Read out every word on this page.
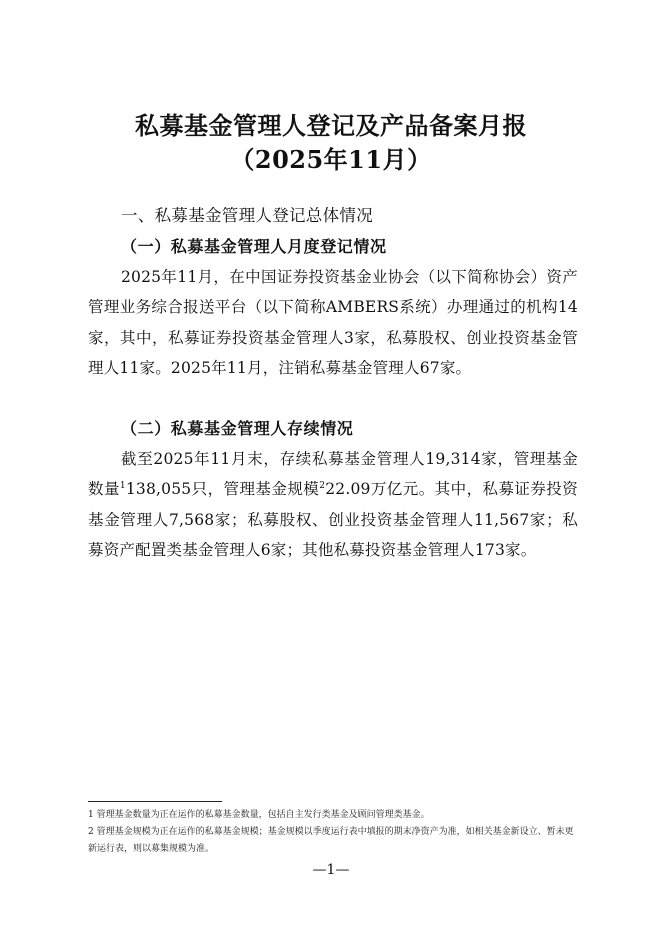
私募基金管理人登记及产品备案月报
（2025年11月）
一、私募基金管理人登记总体情况
（一）私募基金管理人月度登记情况
2025年11月，在中国证券投资基金业协会（以下简称协会）资产管理业务综合报送平台（以下简称AMBERS系统）办理通过的机构14家，其中，私募证券投资基金管理人3家，私募股权、创业投资基金管理人11家。2025年11月，注销私募基金管理人67家。
（二）私募基金管理人存续情况
截至2025年11月末，存续私募基金管理人19,314家，管理基金数量$^1$138,055只，管理基金规模$^2$22.09万亿元。其中，私募证券投资基金管理人7,568家；私募股权、创业投资基金管理人11,567家；私募资产配置类基金管理人6家；其他私募投资基金管理人173家。

1 管理基金数量为正在运作的私募基金数量，包括自主发行类基金及顾问管理类基金。

2 管理基金规模为正在运作的私募基金规模；基金规模以季度运行表中填报的期末净资产为准，如相关基金新设立、暂未更新运行表，则以募集规模为准。

—1—
